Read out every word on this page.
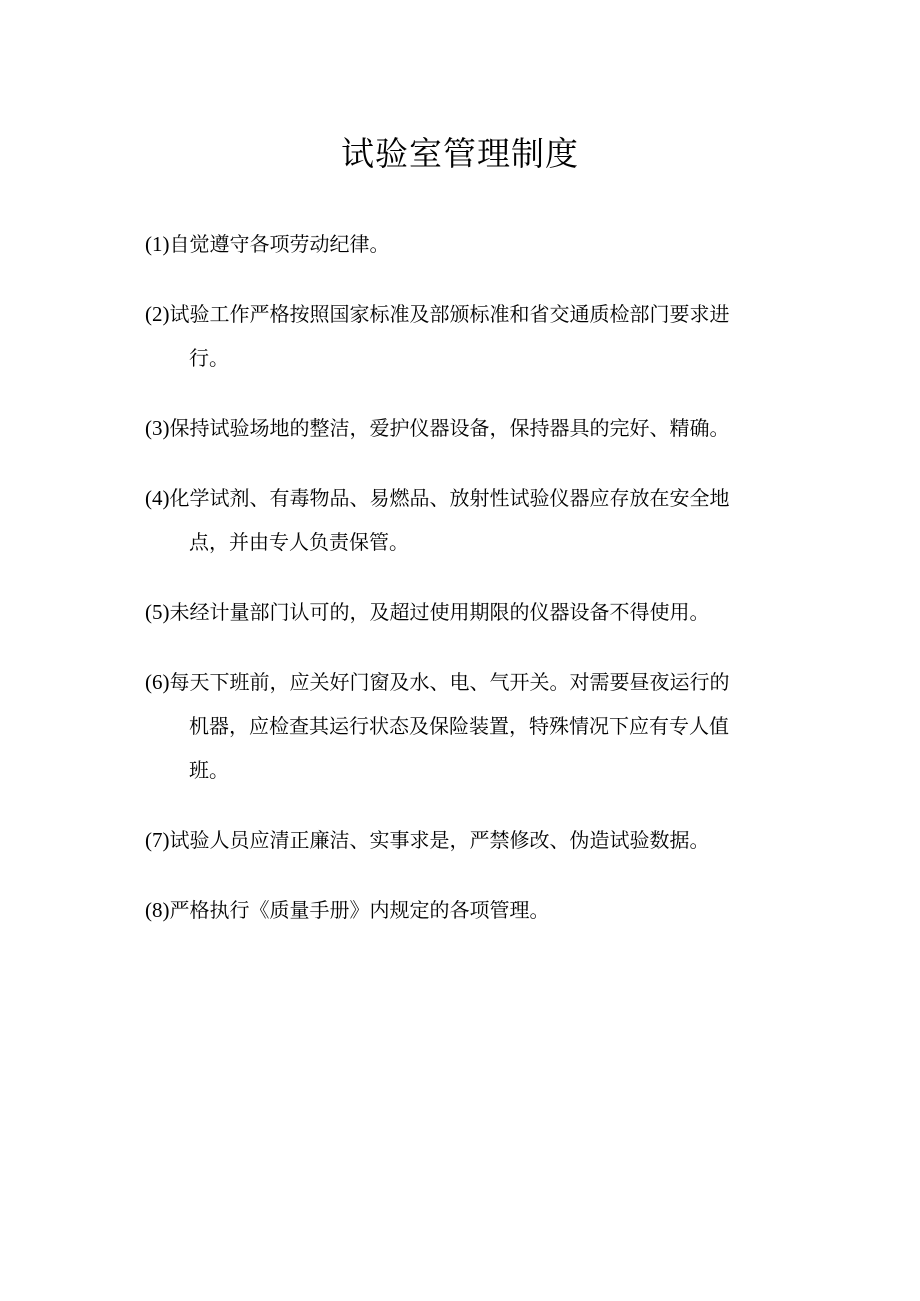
试验室管理制度
(1)自觉遵守各项劳动纪律。
(2)试验工作严格按照国家标准及部颁标准和省交通质检部门要求进
行。
(3)保持试验场地的整洁，爱护仪器设备，保持器具的完好、精确。
(4)化学试剂、有毒物品、易燃品、放射性试验仪器应存放在安全地
点，并由专人负责保管。
(5)未经计量部门认可的，及超过使用期限的仪器设备不得使用。
(6)每天下班前，应关好门窗及水、电、气开关。对需要昼夜运行的
机器，应检查其运行状态及保险装置，特殊情况下应有专人值
班。
(7)试验人员应清正廉洁、实事求是，严禁修改、伪造试验数据。
(8)严格执行《质量手册》内规定的各项管理。
